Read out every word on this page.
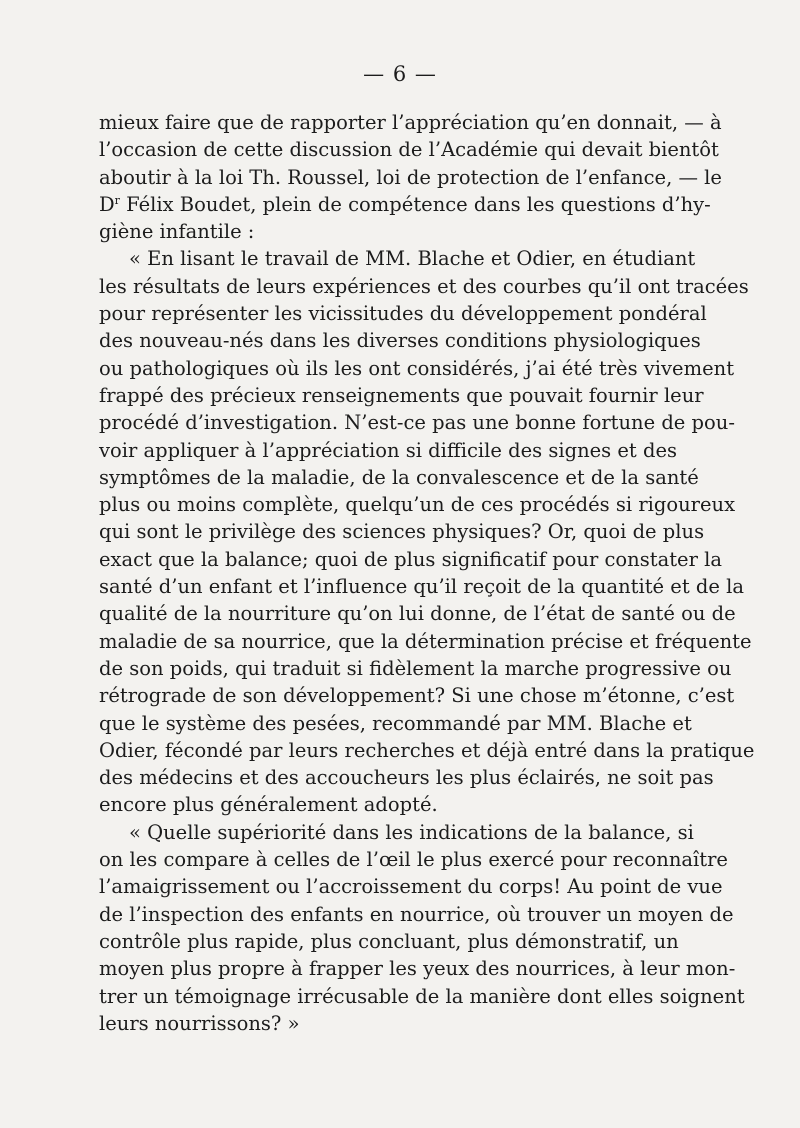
— 6 —
mieux faire que de rapporter l’appréciation qu’en donnait, — à
l’occasion de cette discussion de l’Académie qui devait bientôt
aboutir à la loi Th. Roussel, loi de protection de l’enfance, — le
$D^r$ Félix Boudet, plein de compétence dans les questions d’hy-
giène infantile :
« En lisant le travail de MM. Blache et Odier, en étudiant
les résultats de leurs expériences et des courbes qu’il ont tracées
pour représenter les vicissitudes du développement pondéral
des nouveau-nés dans les diverses conditions physiologiques
ou pathologiques où ils les ont considérés, j’ai été très vivement
frappé des précieux renseignements que pouvait fournir leur
procédé d’investigation. N’est-ce pas une bonne fortune de pou-
voir appliquer à l’appréciation si difficile des signes et des
symptômes de la maladie, de la convalescence et de la santé
plus ou moins complète, quelqu’un de ces procédés si rigoureux
qui sont le privilège des sciences physiques? Or, quoi de plus
exact que la balance; quoi de plus significatif pour constater la
santé d’un enfant et l’influence qu’il reçoit de la quantité et de la
qualité de la nourriture qu’on lui donne, de l’état de santé ou de
maladie de sa nourrice, que la détermination précise et fréquente
de son poids, qui traduit si fidèlement la marche progressive ou
rétrograde de son développement? Si une chose m’étonne, c’est
que le système des pesées, recommandé par MM. Blache et
Odier, fécondé par leurs recherches et déjà entré dans la pratique
des médecins et des accoucheurs les plus éclairés, ne soit pas
encore plus généralement adopté.
« Quelle supériorité dans les indications de la balance, si
on les compare à celles de l’œil le plus exercé pour reconnaître
l’amaigrissement ou l’accroissement du corps! Au point de vue
de l’inspection des enfants en nourrice, où trouver un moyen de
contrôle plus rapide, plus concluant, plus démonstratif, un
moyen plus propre à frapper les yeux des nourrices, à leur mon-
trer un témoignage irrécusable de la manière dont elles soignent
leurs nourrissons? »
